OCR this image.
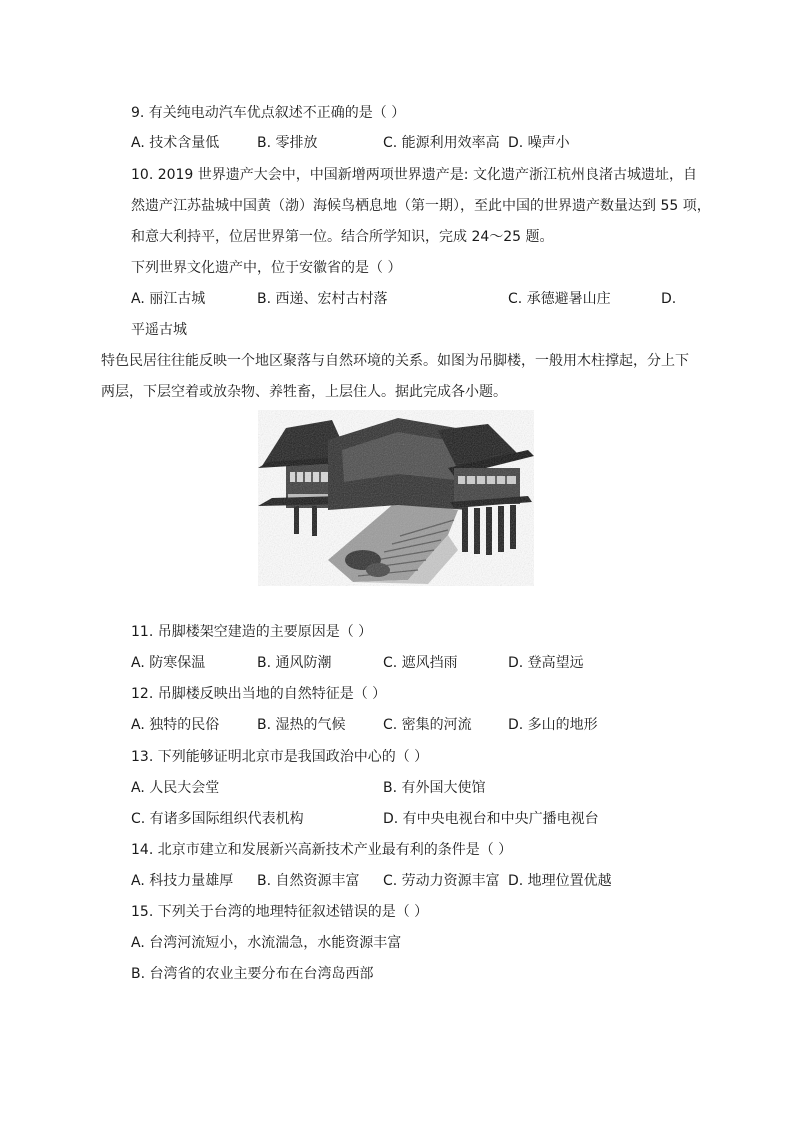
9. 有关纯电动汽车优点叙述不正确的是（ ）
A. 技术含量低	B. 零排放	C. 能源利用效率高 D. 噪声小
10. 2019 世界遗产大会中，中国新增两项世界遗产是: 文化遗产浙江杭州良渚古城遗址，自
然遗产江苏盐城中国黄（渤）海候鸟栖息地（第一期），至此中国的世界遗产数量达到 55 项，
和意大利持平，位居世界第一位。结合所学知识，完成 24～25 题。
下列世界文化遗产中，位于安徽省的是（ ）
A. 丽江古城	B. 西递、宏村古村落	C. 承德避暑山庄	D.
平遥古城
特色民居往往能反映一个地区聚落与自然环境的关系。如图为吊脚楼，一般用木柱撑起，分上下
两层，下层空着或放杂物、养牲畜，上层住人。据此完成各小题。
11. 吊脚楼架空建造的主要原因是（ ）
A. 防寒保温	B. 通风防潮	C. 遮风挡雨	D. 登高望远
12. 吊脚楼反映出当地的自然特征是（ ）
A. 独特的民俗	B. 湿热的气候	C. 密集的河流	D. 多山的地形
13. 下列能够证明北京市是我国政治中心的（ ）
A. 人民大会堂	B. 有外国大使馆
C. 有诸多国际组织代表机构	D. 有中央电视台和中央广播电视台
14. 北京市建立和发展新兴高新技术产业最有利的条件是（ ）
A. 科技力量雄厚 B. 自然资源丰富 C. 劳动力资源丰富 D. 地理位置优越
15. 下列关于台湾的地理特征叙述错误的是（ ）
A. 台湾河流短小，水流湍急，水能资源丰富
B. 台湾省的农业主要分布在台湾岛西部
